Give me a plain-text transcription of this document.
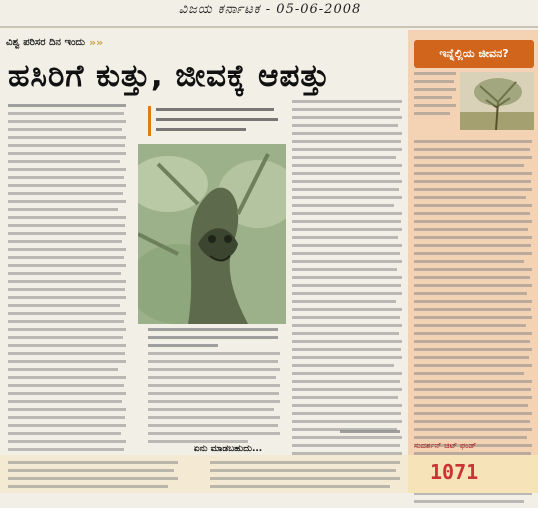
ವಿಜಯ ಕರ್ನಾಟಕ - 05-06-2008
ವಿಶ್ವ ಪರಿಸರ ದಿನ ಇಂದು »»
ಹಸಿರಿಗೆ ಕುತ್ತು, ಜೀವಕ್ಕೆ ಆಪತ್ತು
ಇನ್ನೆಲ್ಲಿಯ ಜೀವನ?
ಏನು ಮಾಡಬಹುದು...	ಸುದರ್ಶನ್ ಚಿಟ್ ಫಂಡ್
1071
